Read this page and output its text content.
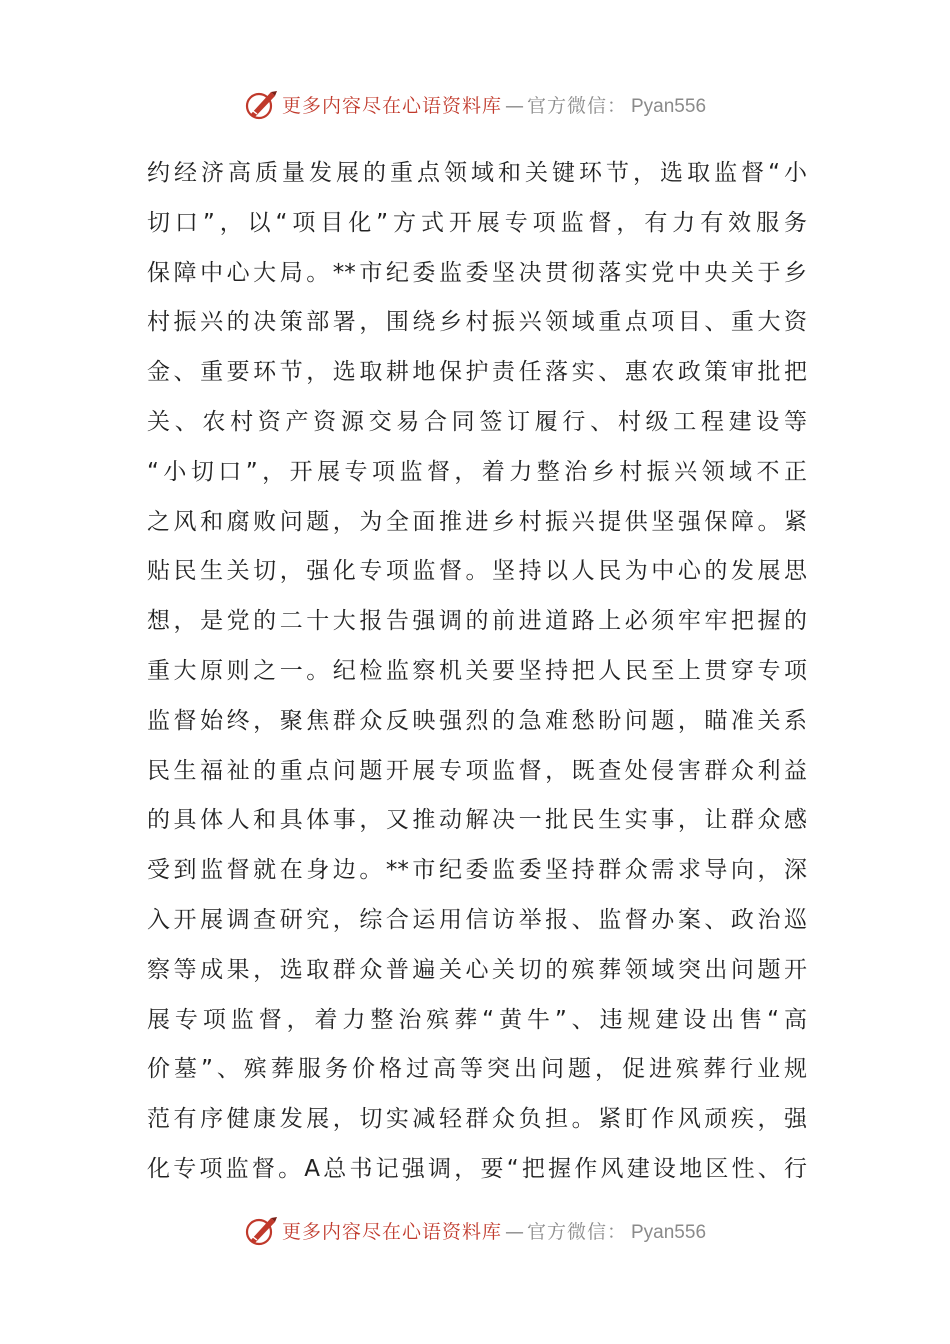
更多内容尽在心语资料库 — 官方微信： Pyan556
约经济高质量发展的重点领域和关键环节，选取监督“小
切口”，以“项目化”方式开展专项监督，有力有效服务
保障中心大局。**市纪委监委坚决贯彻落实党中央关于乡
村振兴的决策部署，围绕乡村振兴领域重点项目、重大资
金、重要环节，选取耕地保护责任落实、惠农政策审批把
关、农村资产资源交易合同签订履行、村级工程建设等
“小切口”，开展专项监督，着力整治乡村振兴领域不正
之风和腐败问题，为全面推进乡村振兴提供坚强保障。紧
贴民生关切，强化专项监督。坚持以人民为中心的发展思
想，是党的二十大报告强调的前进道路上必须牢牢把握的
重大原则之一。纪检监察机关要坚持把人民至上贯穿专项
监督始终，聚焦群众反映强烈的急难愁盼问题，瞄准关系
民生福祉的重点问题开展专项监督，既查处侵害群众利益
的具体人和具体事，又推动解决一批民生实事，让群众感
受到监督就在身边。**市纪委监委坚持群众需求导向，深
入开展调查研究，综合运用信访举报、监督办案、政治巡
察等成果，选取群众普遍关心关切的殡葬领域突出问题开
展专项监督，着力整治殡葬“黄牛”、违规建设出售“高
价墓”、殡葬服务价格过高等突出问题，促进殡葬行业规
范有序健康发展，切实减轻群众负担。紧盯作风顽疾，强
化专项监督。A总书记强调，要“把握作风建设地区性、行
更多内容尽在心语资料库 — 官方微信： Pyan556
